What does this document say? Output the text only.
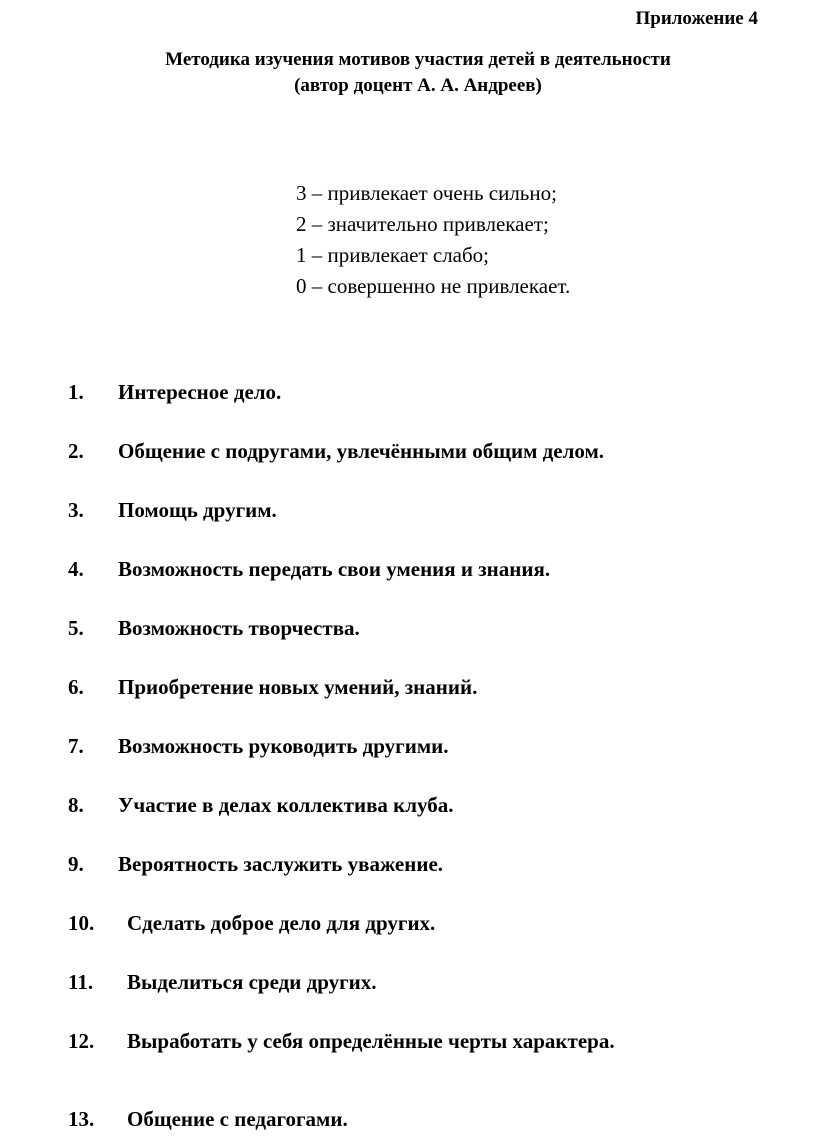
Приложение 4

Методика изучения мотивов участия детей в деятельности
(автор доцент А. А. Андреев)
3 – привлекает очень сильно;
2 – значительно привлекает;
1 – привлекает слабо;
0 – совершенно не привлекает.
1. Интересное дело.
2. Общение с подругами, увлечёнными общим делом.
3. Помощь другим.
4. Возможность передать свои умения и знания.
5. Возможность творчества.
6. Приобретение новых умений, знаний.
7. Возможность руководить другими.
8. Участие в делах коллектива клуба.
9. Вероятность заслужить уважение.
10. Сделать доброе дело для других.
11. Выделиться среди других.
12. Выработать у себя определённые черты характера.
13. Общение с педагогами.
